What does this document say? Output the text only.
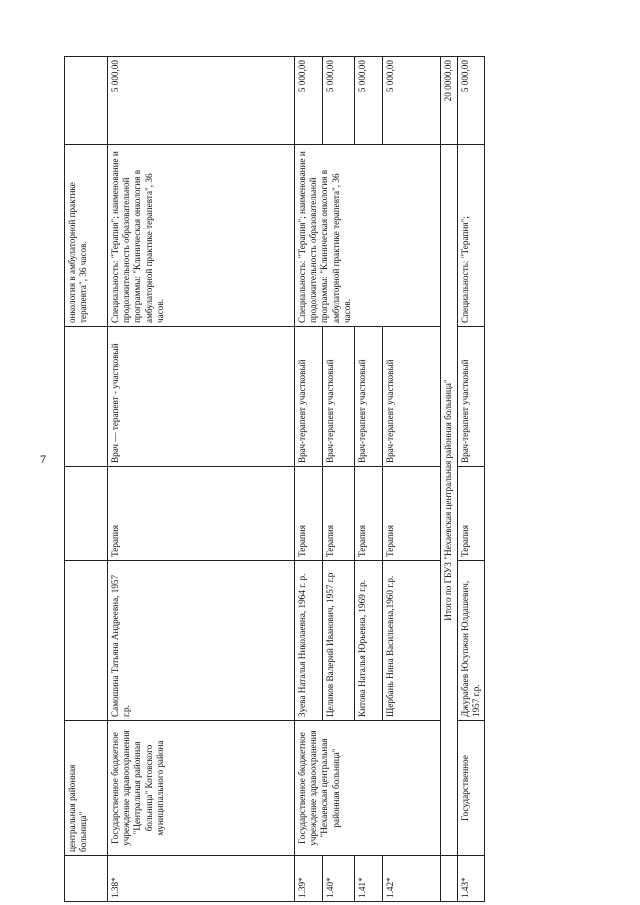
7
	центральная районная больница"				онкология в амбулаторной практике терапевта", 36 часов.	
1.38*	Государственное бюджетное учреждение здравоохранения "Центральная районная больница" Котовского муниципального района	Самошина Татьяна Андреевна, 1957 г.р.	Терапия	Врач — терапевт - участковый	Специальность: "Терапия"; наименование и продолжительность образовательной программы: "Клиническая онкология в амбулаторной практике терапевта", 36 часов.	5 000,00
1.39*	Государственное бюджетное учреждение здравоохранения "Нехаевская центральная районная больница"	Зуева Наталья Николаевна, 1964 г. р.	Терапия	Врач-терапевт участковый	Специальность: "Терапия"; наименование и продолжительность образовательной программы: "Клиническая онкология в амбулаторной практике терапевта", 36 часов.	5 000,00
1.40*		Целиков Валерий Иванович, 1957 г.р	Терапия	Врач-терапевт участковый		5 000,00
1.41*		Китова Наталья Юрьевна, 1969 г.р.	Терапия	Врач-терапевт участковый		5 000,00
1.42*		Щербань Нина Васильевна,1960 г.р.	Терапия	Врач-терапевт участковый		5 000,00
	Итого по ГБУЗ "Нехаевская центральная районная больница"					20 0000,00
1.43*	Государственное	Джурабаев Юсупжон Юлдашевич, 1957 г.р.	Терапия	Врач-терапевт участковый	Специальность: "Терапия";	5 000,00
